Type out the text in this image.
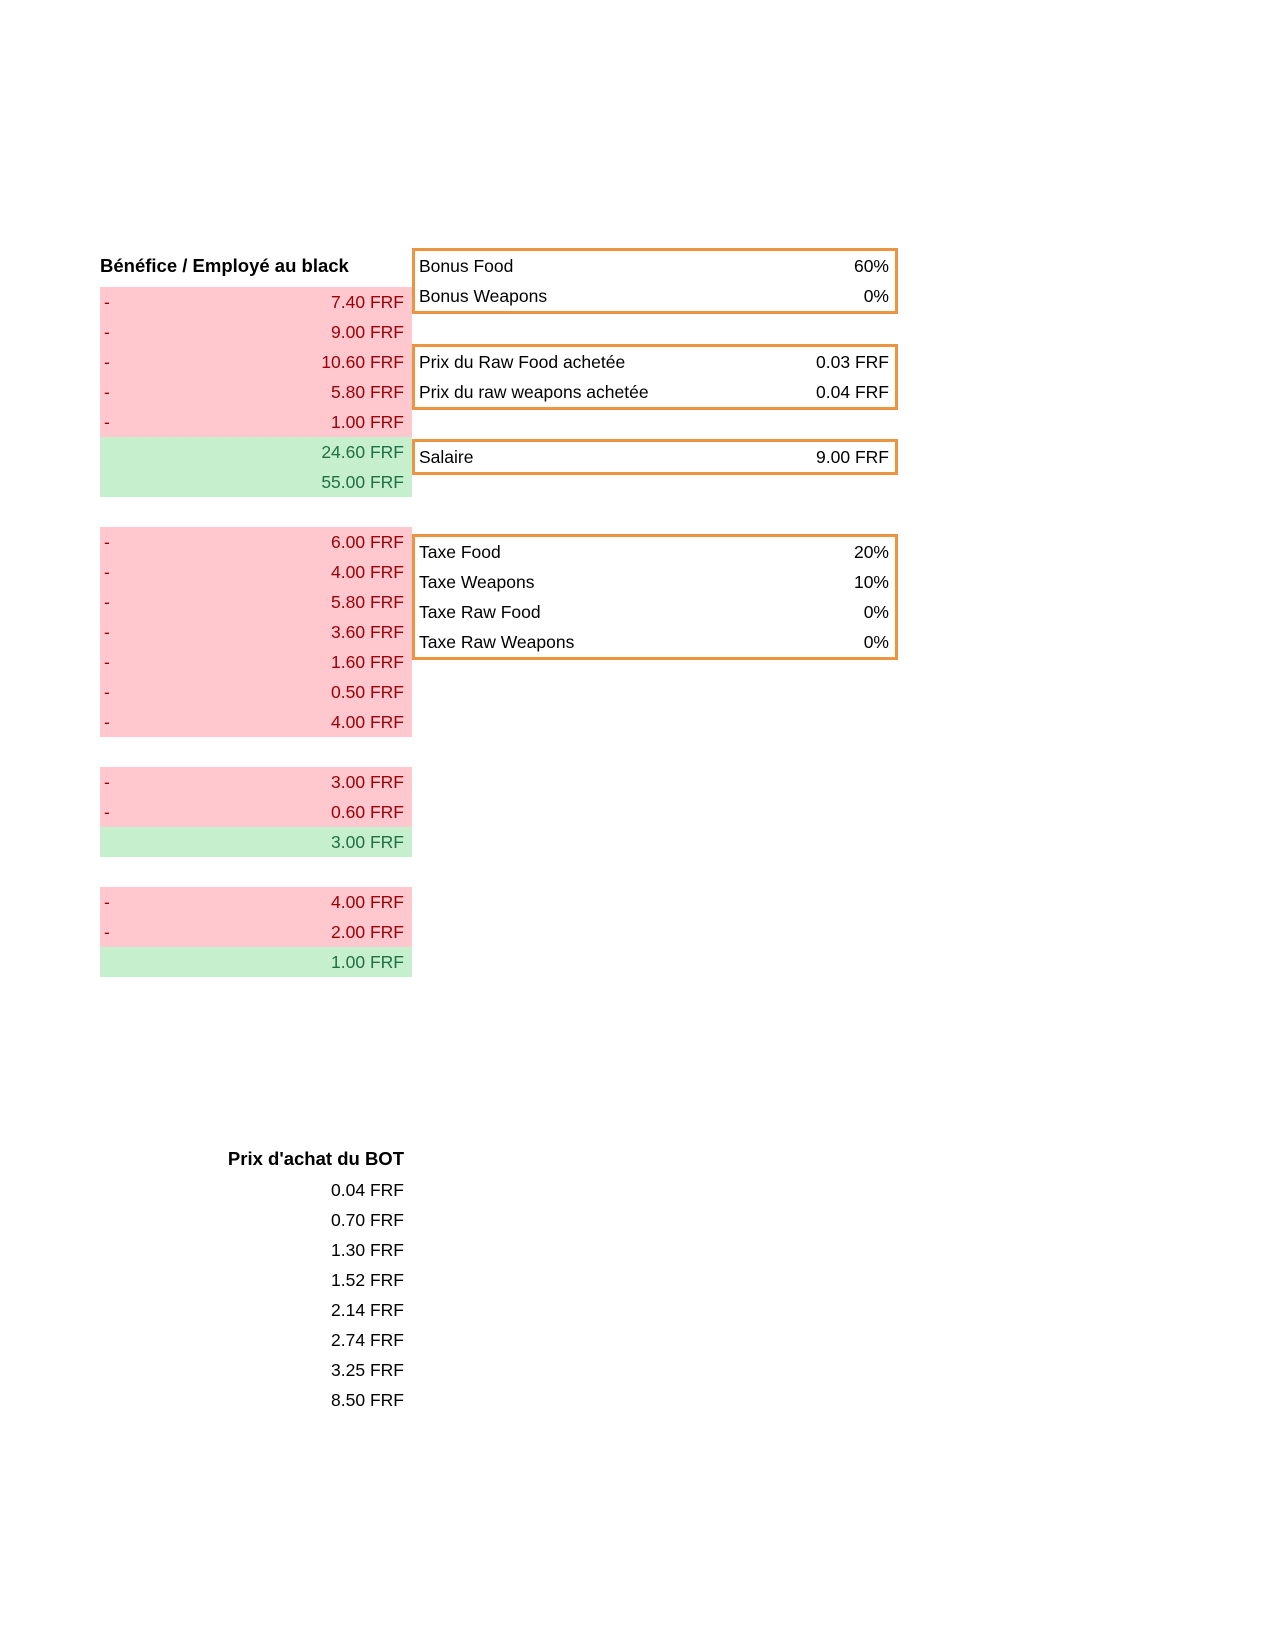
Bénéfice / Employé au black
-	7.40 FRF
-	9.00 FRF
-	10.60 FRF
-	5.80 FRF
-	1.00 FRF
24.60 FRF
55.00 FRF
-	6.00 FRF
-	4.00 FRF
-	5.80 FRF
-	3.60 FRF
-	1.60 FRF
-	0.50 FRF
-	4.00 FRF
-	3.00 FRF
-	0.60 FRF
3.00 FRF
-	4.00 FRF
-	2.00 FRF
1.00 FRF
Bonus Food	60%
Bonus Weapons	0%
Prix du Raw Food achetée	0.03 FRF
Prix du raw weapons achetée	0.04 FRF
Salaire	9.00 FRF
Taxe Food	20%
Taxe Weapons	10%
Taxe Raw Food	0%
Taxe Raw Weapons	0%
Prix d'achat du BOT
0.04 FRF
0.70 FRF
1.30 FRF
1.52 FRF
2.14 FRF
2.74 FRF
3.25 FRF
8.50 FRF
